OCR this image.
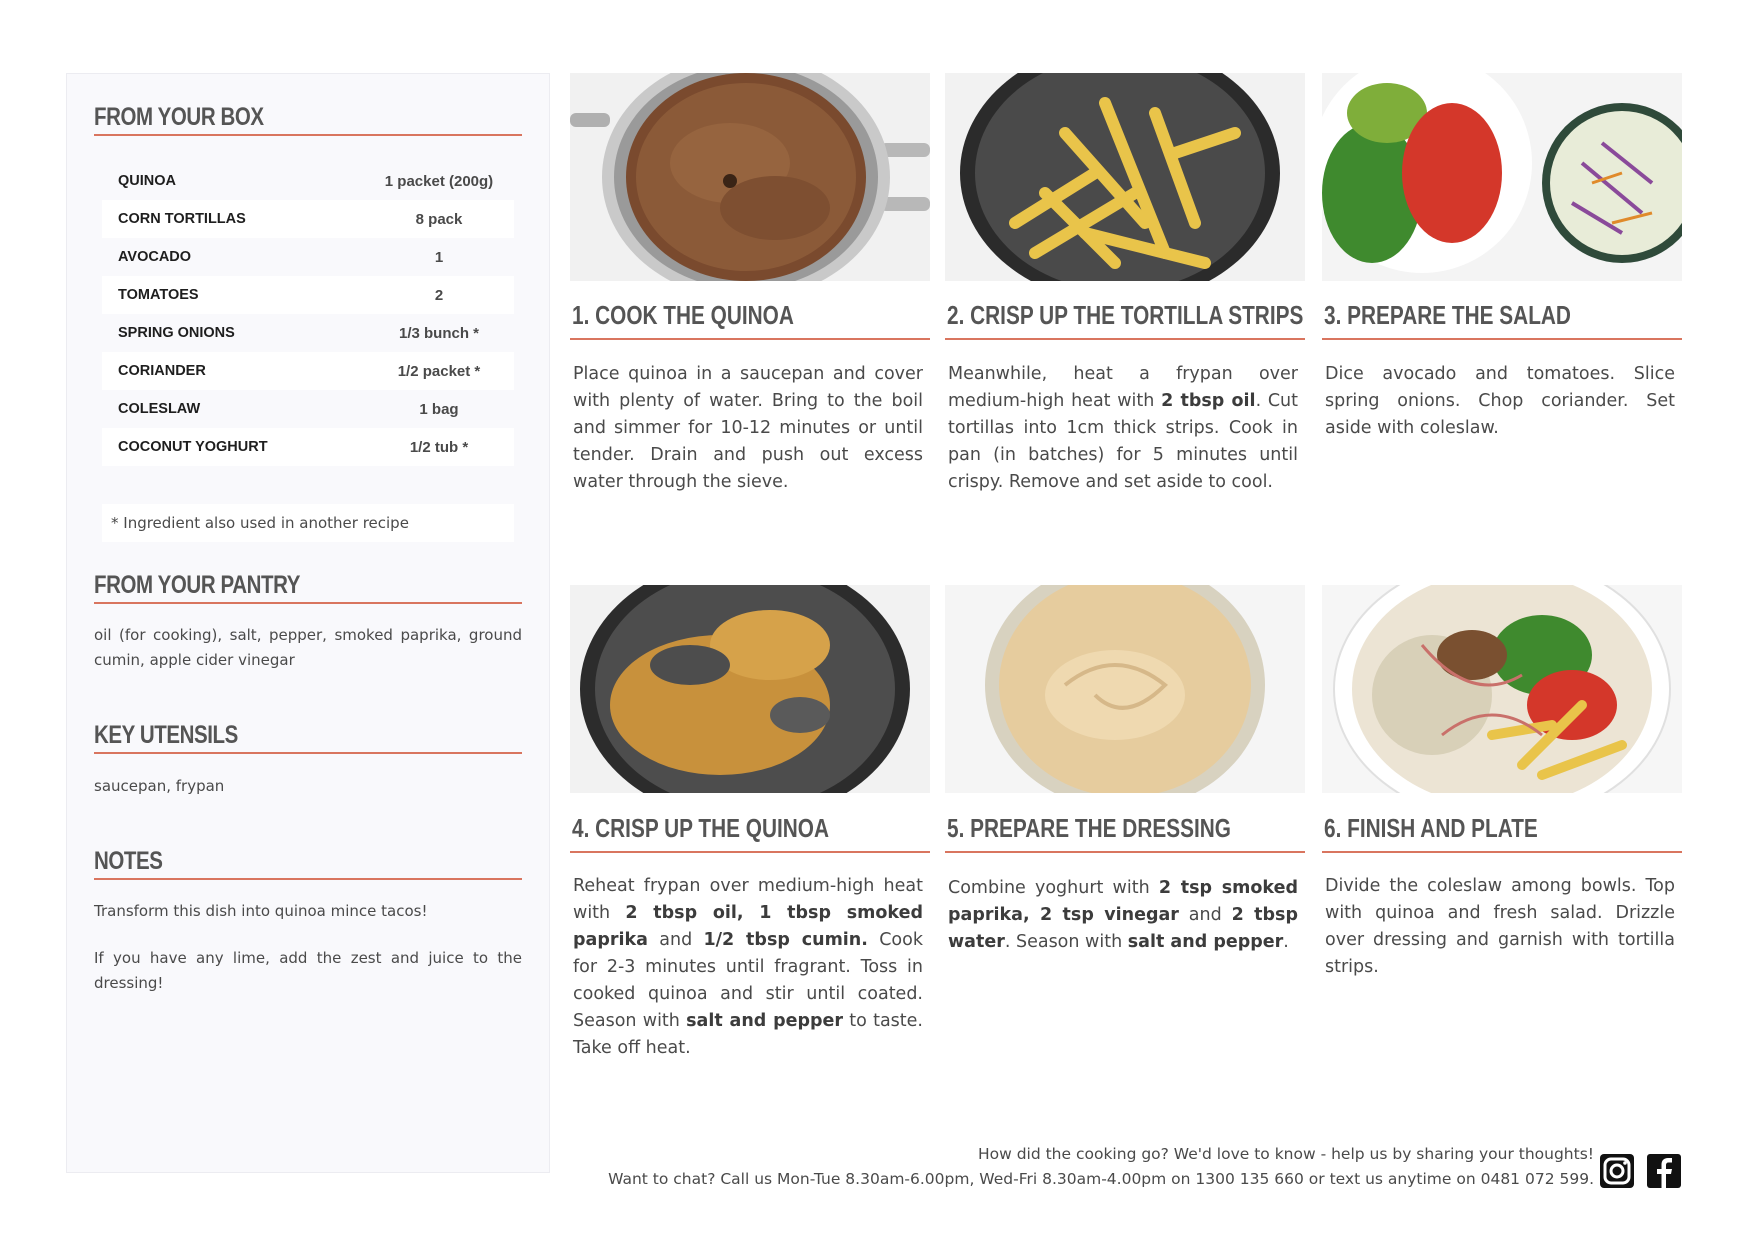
FROM YOUR BOX
QUINOA	1 packet (200g)
CORN TORTILLAS	8 pack
AVOCADO	1
TOMATOES	2
SPRING ONIONS	1/3 bunch *
CORIANDER	1/2 packet *
COLESLAW	1 bag
COCONUT YOGHURT	1/2 tub *
* Ingredient also used in another recipe
FROM YOUR PANTRY

oil (for cooking), salt, pepper, smoked paprika, ground cumin, apple cider vinegar

KEY UTENSILS

saucepan, frypan

NOTES

Transform this dish into quinoa mince tacos!

If you have any lime, add the zest and juice to the dressing!

1. COOK THE QUINOA

Place quinoa in a saucepan and cover with plenty of water. Bring to the boil and simmer for 10-12 minutes or until tender. Drain and push out excess water through the sieve.

2. CRISP UP THE TORTILLA STRIPS

Meanwhile, heat a frypan over medium-high heat with 2 tbsp oil. Cut tortillas into 1cm thick strips. Cook in pan (in batches) for 5 minutes until crispy. Remove and set aside to cool.

3. PREPARE THE SALAD

Dice avocado and tomatoes. Slice spring onions. Chop coriander. Set aside with coleslaw.

4. CRISP UP THE QUINOA

Reheat frypan over medium-high heat with 2 tbsp oil, 1 tbsp smoked paprika and 1/2 tbsp cumin. Cook for 2-3 minutes until fragrant. Toss in cooked quinoa and stir until coated. Season with salt and pepper to taste. Take off heat.

5. PREPARE THE DRESSING

Combine yoghurt with 2 tsp smoked paprika, 2 tsp vinegar and 2 tbsp water. Season with salt and pepper.

6. FINISH AND PLATE

Divide the coleslaw among bowls. Top with quinoa and fresh salad. Drizzle over dressing and garnish with tortilla strips.

How did the cooking go? We'd love to know - help us by sharing your thoughts!

Want to chat? Call us Mon-Tue 8.30am-6.00pm, Wed-Fri 8.30am-4.00pm on 1300 135 660 or text us anytime on 0481 072 599.
